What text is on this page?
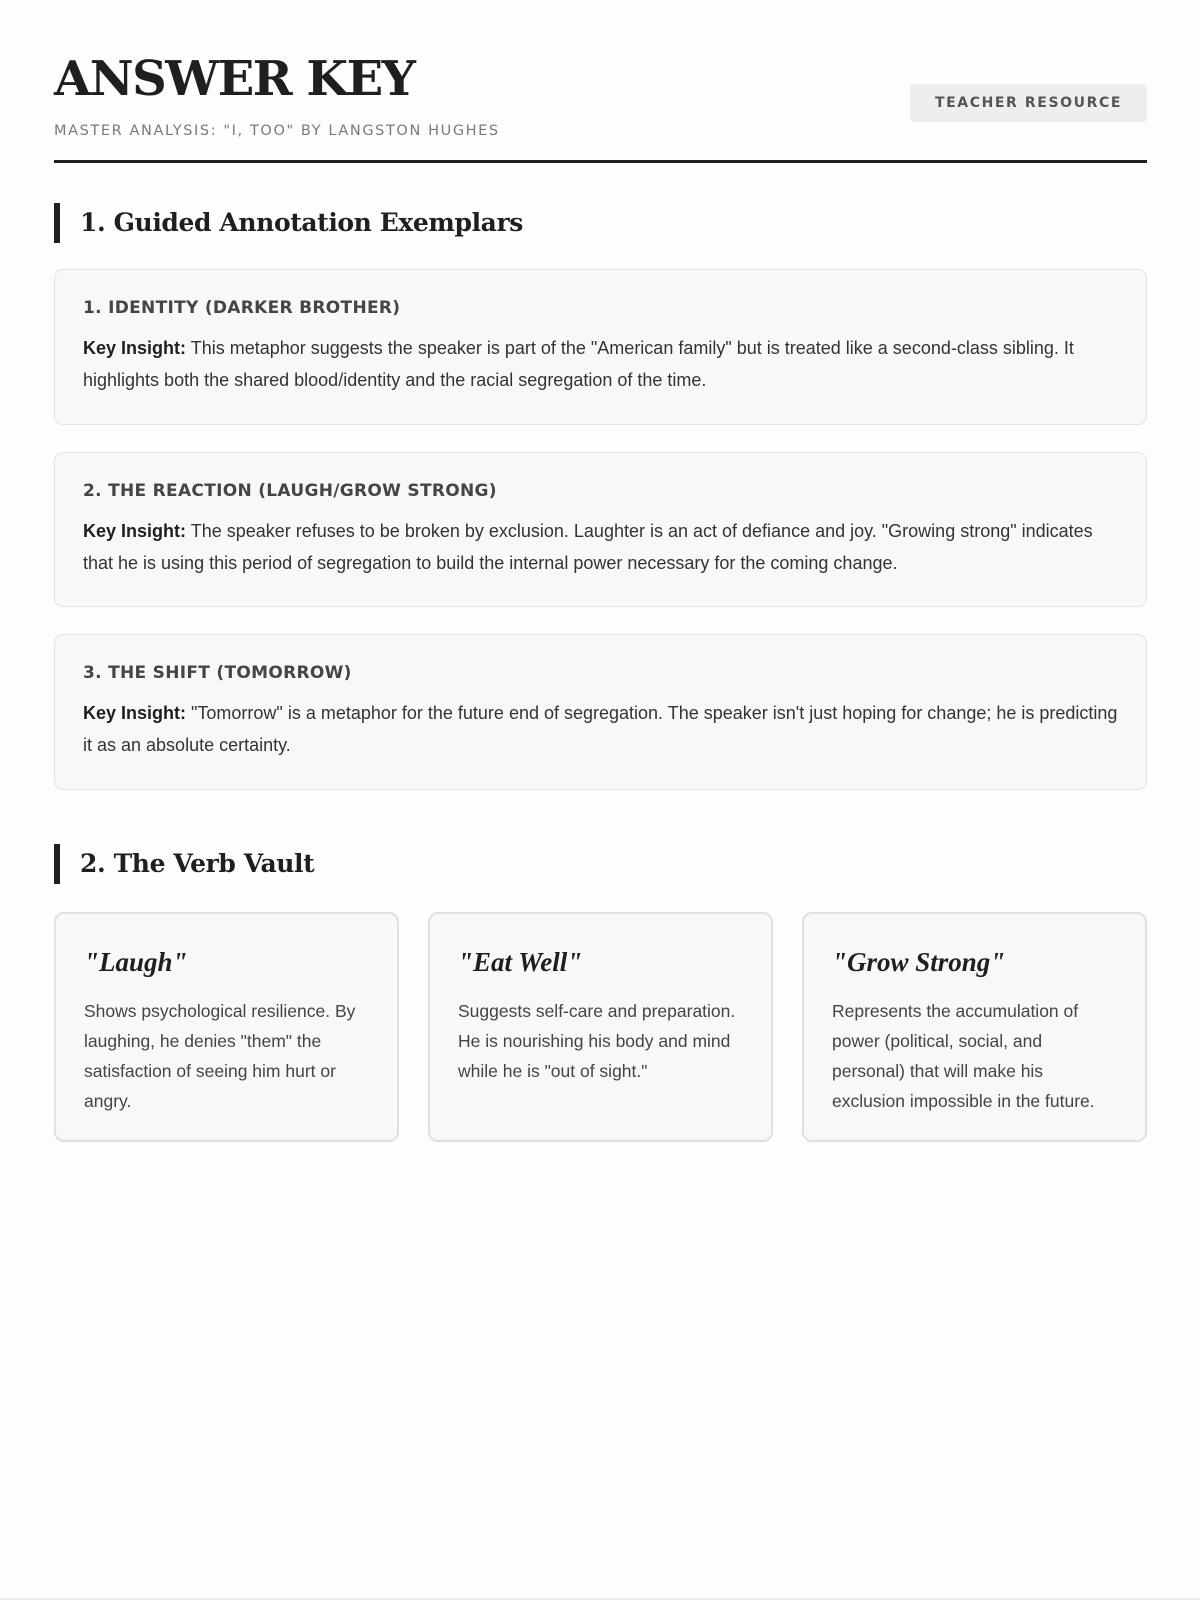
ANSWER KEY
MASTER ANALYSIS: "I, TOO" BY LANGSTON HUGHES
TEACHER RESOURCE
1. Guided Annotation Exemplars
1. IDENTITY (DARKER BROTHER)
Key Insight: This metaphor suggests the speaker is part of the "American family" but is treated like a second-class sibling. It highlights both the shared blood/identity and the racial segregation of the time.
2. THE REACTION (LAUGH/GROW STRONG)
Key Insight: The speaker refuses to be broken by exclusion. Laughter is an act of defiance and joy. "Growing strong" indicates that he is using this period of segregation to build the internal power necessary for the coming change.
3. THE SHIFT (TOMORROW)
Key Insight: "Tomorrow" is a metaphor for the future end of segregation. The speaker isn't just hoping for change; he is predicting it as an absolute certainty.
2. The Verb Vault
"Laugh"
Shows psychological resilience. By laughing, he denies "them" the satisfaction of seeing him hurt or angry.
"Eat Well"
Suggests self-care and preparation. He is nourishing his body and mind while he is "out of sight."
"Grow Strong"
Represents the accumulation of power (political, social, and personal) that will make his exclusion impossible in the future.
